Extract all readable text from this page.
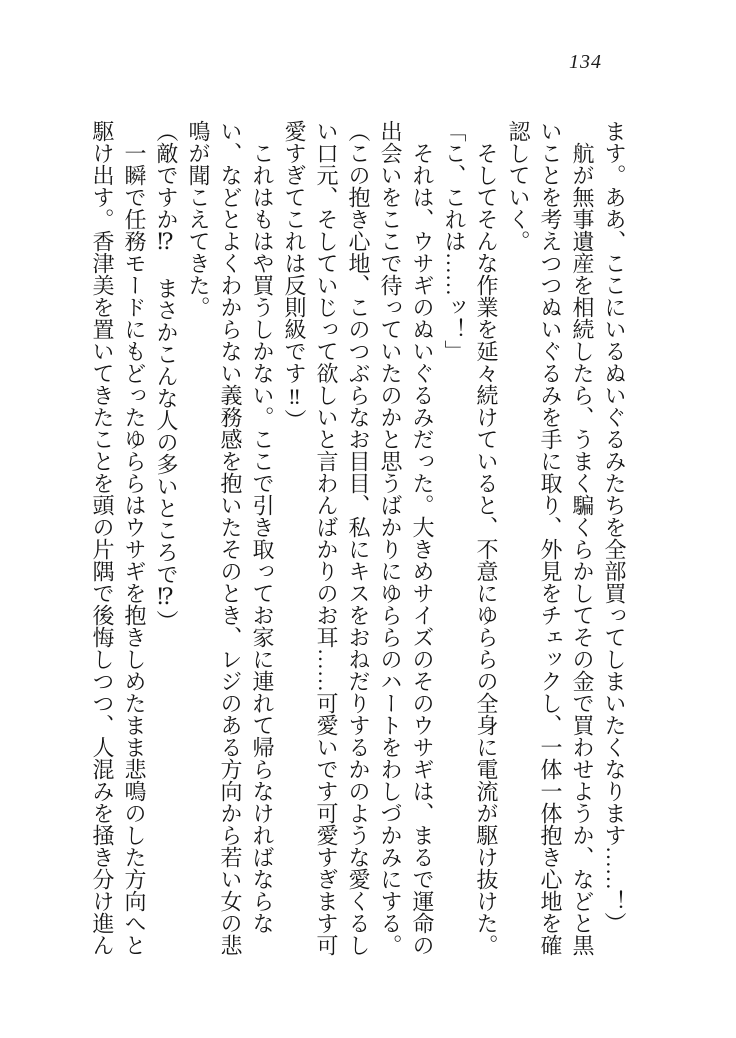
134

ます。ああ、ここにいるぬいぐるみたちを全部買ってしまいたくなります……！）

航が無事遺産を相続したら、うまく騙くらかしてその金で買わせようか、などと黒いことを考えつつぬいぐるみを手に取り、外見をチェックし、一体一体抱き心地を確認していく。

そしてそんな作業を延々続けていると、不意にゆららの全身に電流が駆け抜けた。

「こ、これは……ッ！」

それは、ウサギのぬいぐるみだった。大きめサイズのそのウサギは、まるで運命の出会いをここで待っていたのかと思うばかりにゆららのハートをわしづかみにする。

（この抱き心地、このつぶらなお目目、私にキスをおねだりするかのような愛くるしい口元、そしていじって欲しいと言わんばかりのお耳……可愛いです可愛すぎます可愛すぎてこれは反則級です‼）

これはもはや買うしかない。ここで引き取ってお家に連れて帰らなければならない、などとよくわからない義務感を抱いたそのとき、レジのある方向から若い女の悲鳴が聞こえてきた。

（敵ですか⁉　まさかこんな人の多いところで⁉）

一瞬で任務モードにもどったゆららはウサギを抱きしめたまま悲鳴のした方向へと駆け出す。香津美を置いてきたことを頭の片隅で後悔しつつ、人混みを掻き分け進ん
